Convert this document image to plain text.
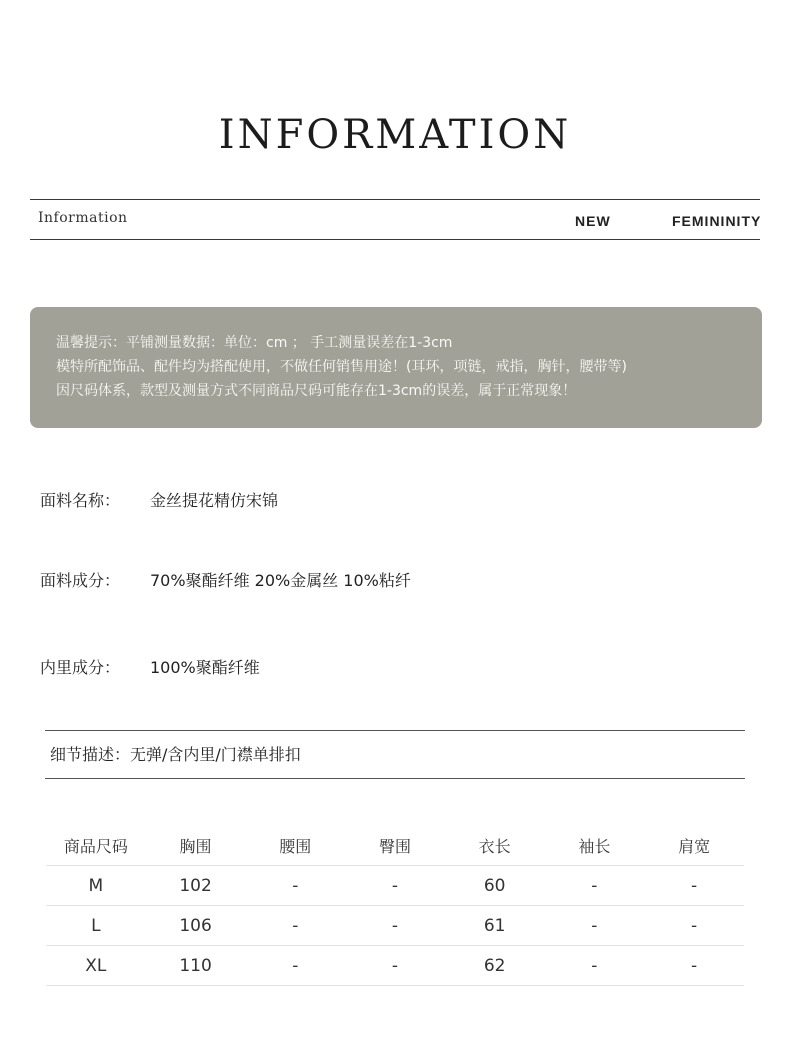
INFORMATION
Information	NEW	FEMININITY
温馨提示：平铺测量数据：单位：cm ； 手工测量误差在1-3cm
模特所配饰品、配件均为搭配使用，不做任何销售用途！(耳环，项链，戒指，胸针，腰带等)
因尺码体系，款型及测量方式不同商品尺码可能存在1-3cm的误差，属于正常现象！
面料名称： 金丝提花精仿宋锦
面料成分： 70%聚酯纤维 20%金属丝 10%粘纤
内里成分： 100%聚酯纤维
细节描述：无弹/含内里/门襟单排扣
商品尺码	胸围	腰围	臀围	衣长	袖长	肩宽
M	102	-	-	60	-	-
L	106	-	-	61	-	-
XL	110	-	-	62	-	-
